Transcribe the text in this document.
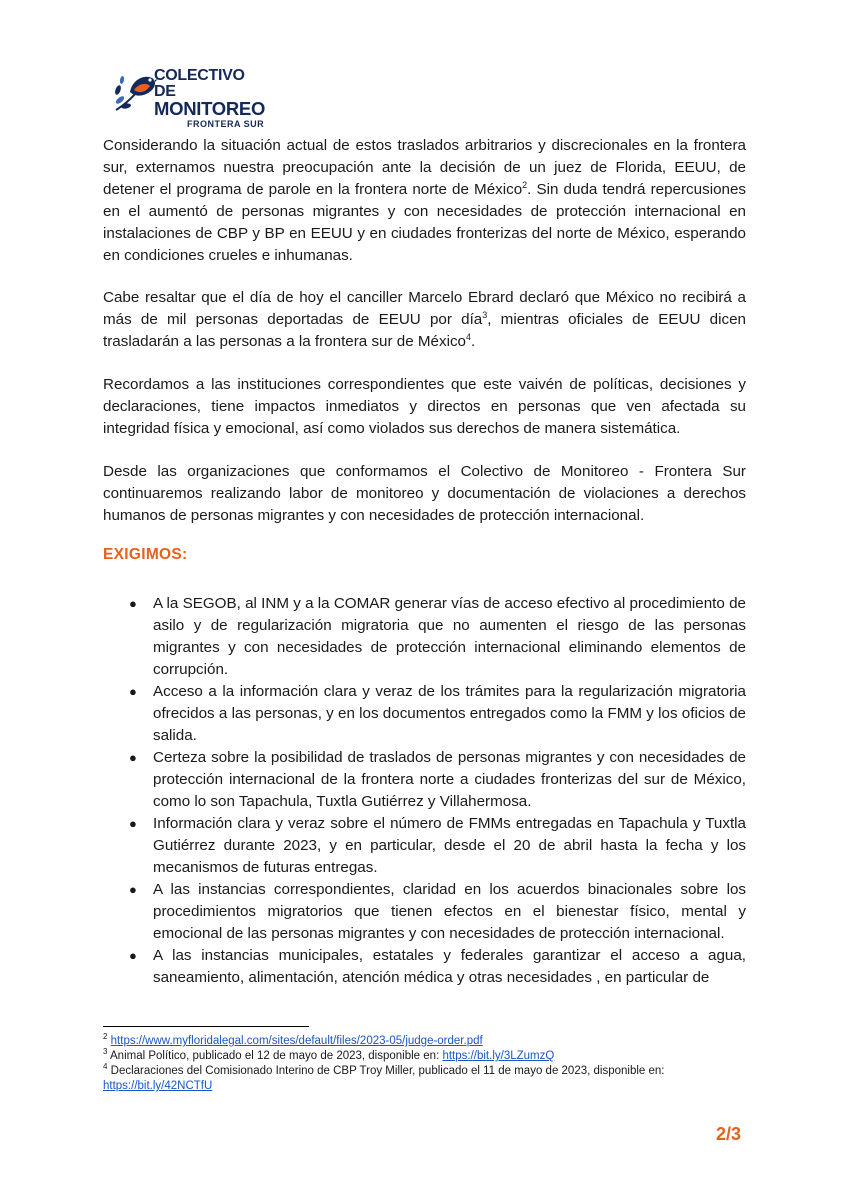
COLECTIVO DE
MONITOREO
FRONTERA SUR

Considerando la situación actual de estos traslados arbitrarios y discrecionales en la frontera sur, externamos nuestra preocupación ante la decisión de un juez de Florida, EEUU, de detener el programa de parole en la frontera norte de México$^2$. Sin duda tendrá repercusiones en el aumentó de personas migrantes y con necesidades de protección internacional en instalaciones de CBP y BP en EEUU y en ciudades fronterizas del norte de México, esperando en condiciones crueles e inhumanas.

Cabe resaltar que el día de hoy el canciller Marcelo Ebrard declaró que México no recibirá a más de mil personas deportadas de EEUU por día$^3$, mientras oficiales de EEUU dicen trasladarán a las personas a la frontera sur de México$^4$.

Recordamos a las instituciones correspondientes que este vaivén de políticas, decisiones y declaraciones, tiene impactos inmediatos y directos en personas que ven afectada su integridad física y emocional, así como violados sus derechos de manera sistemática.

Desde las organizaciones que conformamos el Colectivo de Monitoreo - Frontera Sur continuaremos realizando labor de monitoreo y documentación de violaciones a derechos humanos de personas migrantes y con necesidades de protección internacional.

EXIGIMOS:
● A la SEGOB, al INM y a la COMAR generar vías de acceso efectivo al procedimiento de asilo y de regularización migratoria que no aumenten el riesgo de las personas migrantes y con necesidades de protección internacional eliminando elementos de corrupción.
● Acceso a la información clara y veraz de los trámites para la regularización migratoria ofrecidos a las personas, y en los documentos entregados como la FMM y los oficios de salida.
● Certeza sobre la posibilidad de traslados de personas migrantes y con necesidades de protección internacional de la frontera norte a ciudades fronterizas del sur de México, como lo son Tapachula, Tuxtla Gutiérrez y Villahermosa.
● Información clara y veraz sobre el número de FMMs entregadas en Tapachula y Tuxtla Gutiérrez durante 2023, y en particular, desde el 20 de abril hasta la fecha y los mecanismos de futuras entregas.
● A las instancias correspondientes, claridad en los acuerdos binacionales sobre los procedimientos migratorios que tienen efectos en el bienestar físico, mental y emocional de las personas migrantes y con necesidades de protección internacional.
● A las instancias municipales, estatales y federales garantizar el acceso a agua, saneamiento, alimentación, atención médica y otras necesidades , en particular de
$^2$ https://www.myfloridalegal.com/sites/default/files/2023-05/judge-order.pdf
$^3$ Animal Político, publicado el 12 de mayo de 2023, disponible en: https://bit.ly/3LZumzQ
$^4$ Declaraciones del Comisionado Interino de CBP Troy Miller, publicado el 11 de mayo de 2023, disponible en: https://bit.ly/42NCTfU
2/3
